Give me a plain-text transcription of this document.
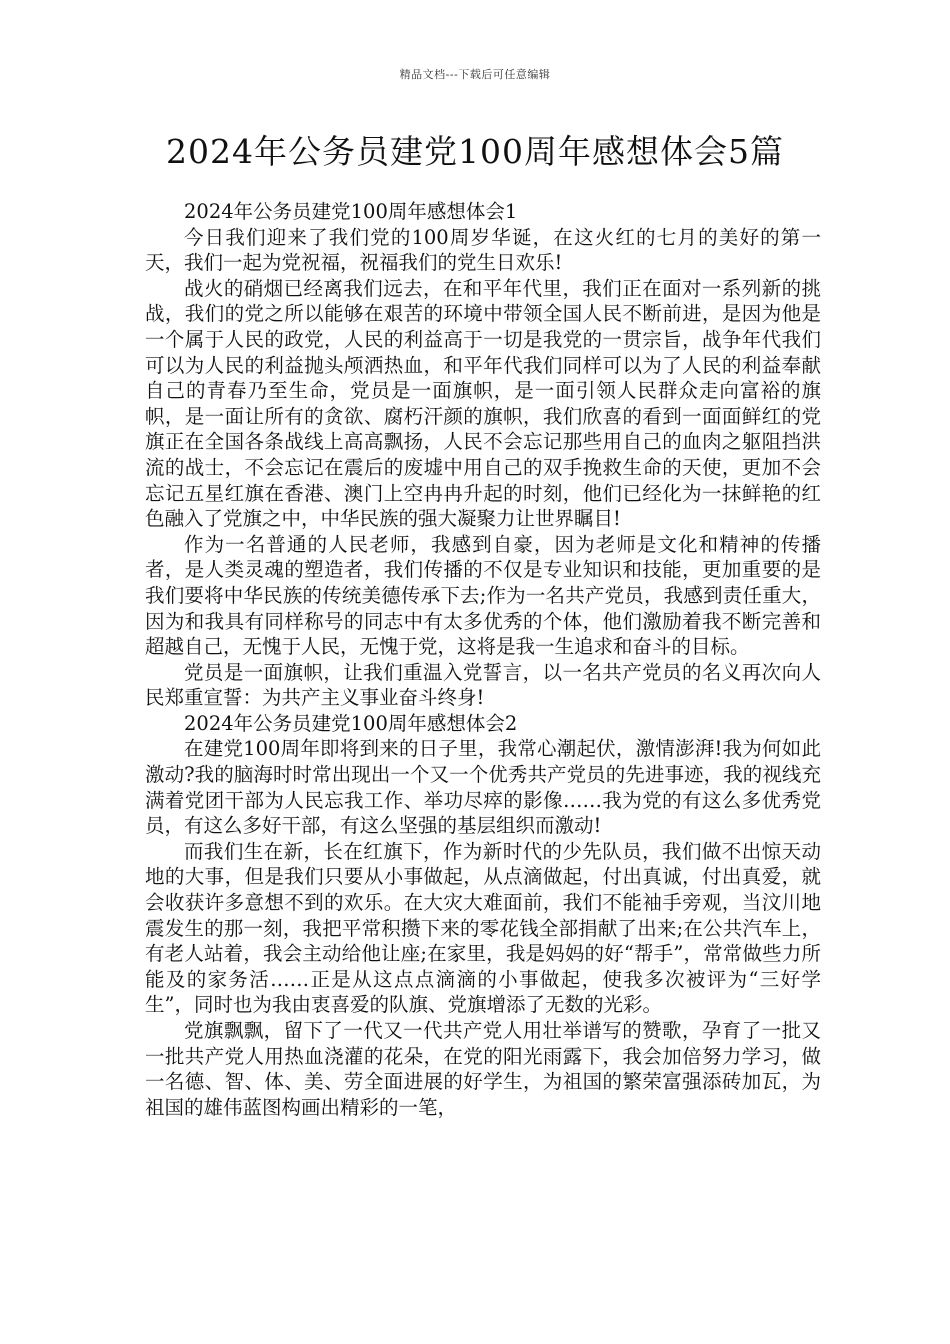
精品文档---下载后可任意编辑
2024年公务员建党100周年感想体会5篇
2024年公务员建党100周年感想体会1

今日我们迎来了我们党的100周岁华诞，在这火红的七月的美好的第一天，我们一起为党祝福，祝福我们的党生日欢乐!

战火的硝烟已经离我们远去，在和平年代里，我们正在面对一系列新的挑战，我们的党之所以能够在艰苦的环境中带领全国人民不断前进，是因为他是一个属于人民的政党，人民的利益高于一切是我党的一贯宗旨，战争年代我们可以为人民的利益抛头颅洒热血，和平年代我们同样可以为了人民的利益奉献自己的青春乃至生命，党员是一面旗帜，是一面引领人民群众走向富裕的旗帜，是一面让所有的贪欲、腐朽汗颜的旗帜，我们欣喜的看到一面面鲜红的党旗正在全国各条战线上高高飘扬，人民不会忘记那些用自己的血肉之躯阻挡洪流的战士，不会忘记在震后的废墟中用自己的双手挽救生命的天使，更加不会忘记五星红旗在香港、澳门上空冉冉升起的时刻，他们已经化为一抹鲜艳的红色融入了党旗之中，中华民族的强大凝聚力让世界瞩目!

作为一名普通的人民老师，我感到自豪，因为老师是文化和精神的传播者，是人类灵魂的塑造者，我们传播的不仅是专业知识和技能，更加重要的是我们要将中华民族的传统美德传承下去;作为一名共产党员，我感到责任重大，因为和我具有同样称号的同志中有太多优秀的个体，他们激励着我不断完善和超越自己，无愧于人民，无愧于党，这将是我一生追求和奋斗的目标。

党员是一面旗帜，让我们重温入党誓言，以一名共产党员的名义再次向人民郑重宣誓：为共产主义事业奋斗终身!

2024年公务员建党100周年感想体会2

在建党100周年即将到来的日子里，我常心潮起伏，激情澎湃!我为何如此激动?我的脑海时时常出现出一个又一个优秀共产党员的先进事迹，我的视线充满着党团干部为人民忘我工作、举功尽瘁的影像……我为党的有这么多优秀党员，有这么多好干部，有这么坚强的基层组织而激动!

而我们生在新，长在红旗下，作为新时代的少先队员，我们做不出惊天动地的大事，但是我们只要从小事做起，从点滴做起，付出真诚，付出真爱，就会收获许多意想不到的欢乐。在大灾大难面前，我们不能袖手旁观，当汶川地震发生的那一刻，我把平常积攒下来的零花钱全部捐献了出来;在公共汽车上，有老人站着，我会主动给他让座;在家里，我是妈妈的好“帮手”，常常做些力所能及的家务活……正是从这点点滴滴的小事做起，使我多次被评为“三好学生”，同时也为我由衷喜爱的队旗、党旗增添了无数的光彩。

党旗飘飘，留下了一代又一代共产党人用壮举谱写的赞歌，孕育了一批又一批共产党人用热血浇灌的花朵，在党的阳光雨露下，我会加倍努力学习，做一名德、智、体、美、劳全面进展的好学生，为祖国的繁荣富强添砖加瓦，为祖国的雄伟蓝图构画出精彩的一笔，
